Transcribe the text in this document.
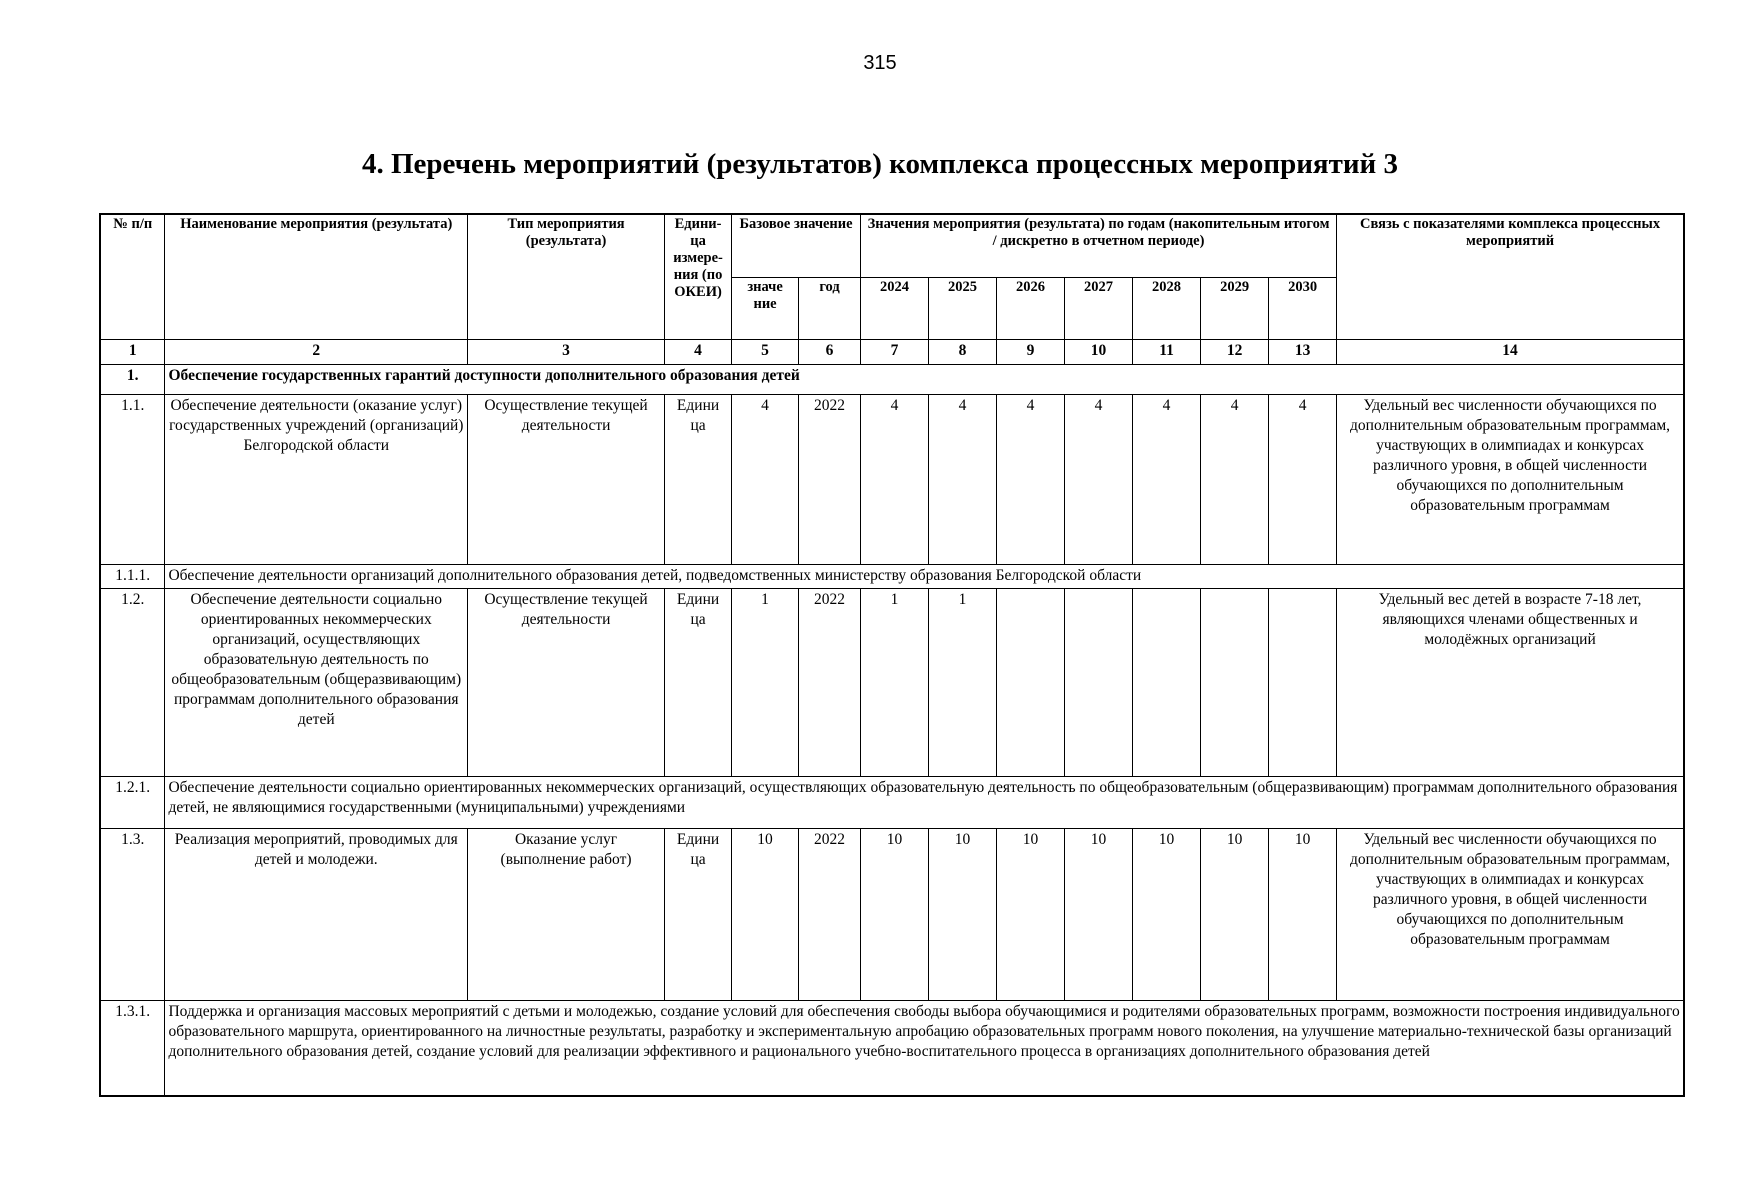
315
4. Перечень мероприятий (результатов) комплекса процессных мероприятий 3
№ п/п	Наименование мероприятия (результата)	Тип мероприятия (результата)	Едини-ца измере-ния (по ОКЕИ)	Базовое значение		Значения мероприятия (результата) по годам (накопительным итогом / дискретно в отчетном периоде)							Связь с показателями комплекса процессных мероприятий
				значе ние	год	2024	2025	2026	2027	2028	2029	2030	
1	2	3	4	5	6	7	8	9	10	11	12	13	14
1.	Обеспечение государственных гарантий доступности дополнительного образования детей												
1.1.	Обеспечение деятельности (оказание услуг) государственных учреждений (организаций) Белгородской области	Осуществление текущей деятельности	Едини ца	4	2022	4	4	4	4	4	4	4	Удельный вес численности обучающихся по дополнительным образовательным программам, участвующих в олимпиадах и конкурсах различного уровня, в общей численности обучающихся по дополнительным образовательным программам
1.1.1.	Обеспечение деятельности организаций дополнительного образования детей, подведомственных министерству образования Белгородской области												
1.2.	Обеспечение деятельности социально ориентированных некоммерческих организаций, осуществляющих образовательную деятельность по общеобразовательным (общеразвивающим) программам дополнительного образования детей	Осуществление текущей деятельности	Едини ца	1	2022	1	1						Удельный вес детей в возрасте 7-18 лет, являющихся членами общественных и молодёжных организаций
1.2.1.	Обеспечение деятельности социально ориентированных некоммерческих организаций, осуществляющих образовательную деятельность по общеобразовательным (общеразвивающим) программам дополнительного образования детей, не являющимися государственными (муниципальными) учреждениями												
1.3.	Реализация мероприятий, проводимых для детей и молодежи.	Оказание услуг (выполнение работ)	Едини ца	10	2022	10	10	10	10	10	10	10	Удельный вес численности обучающихся по дополнительным образовательным программам, участвующих в олимпиадах и конкурсах различного уровня, в общей численности обучающихся по дополнительным образовательным программам
1.3.1.	Поддержка и организация массовых мероприятий с детьми и молодежью, создание условий для обеспечения свободы выбора обучающимися и родителями образовательных программ, возможности построения индивидуального образовательного маршрута, ориентированного на личностные результаты, разработку и экспериментальную апробацию образовательных программ нового поколения, на улучшение материально-технической базы организаций дополнительного образования детей, создание условий для реализации эффективного и рационального учебно-воспитательного процесса в организациях дополнительного образования детей												
